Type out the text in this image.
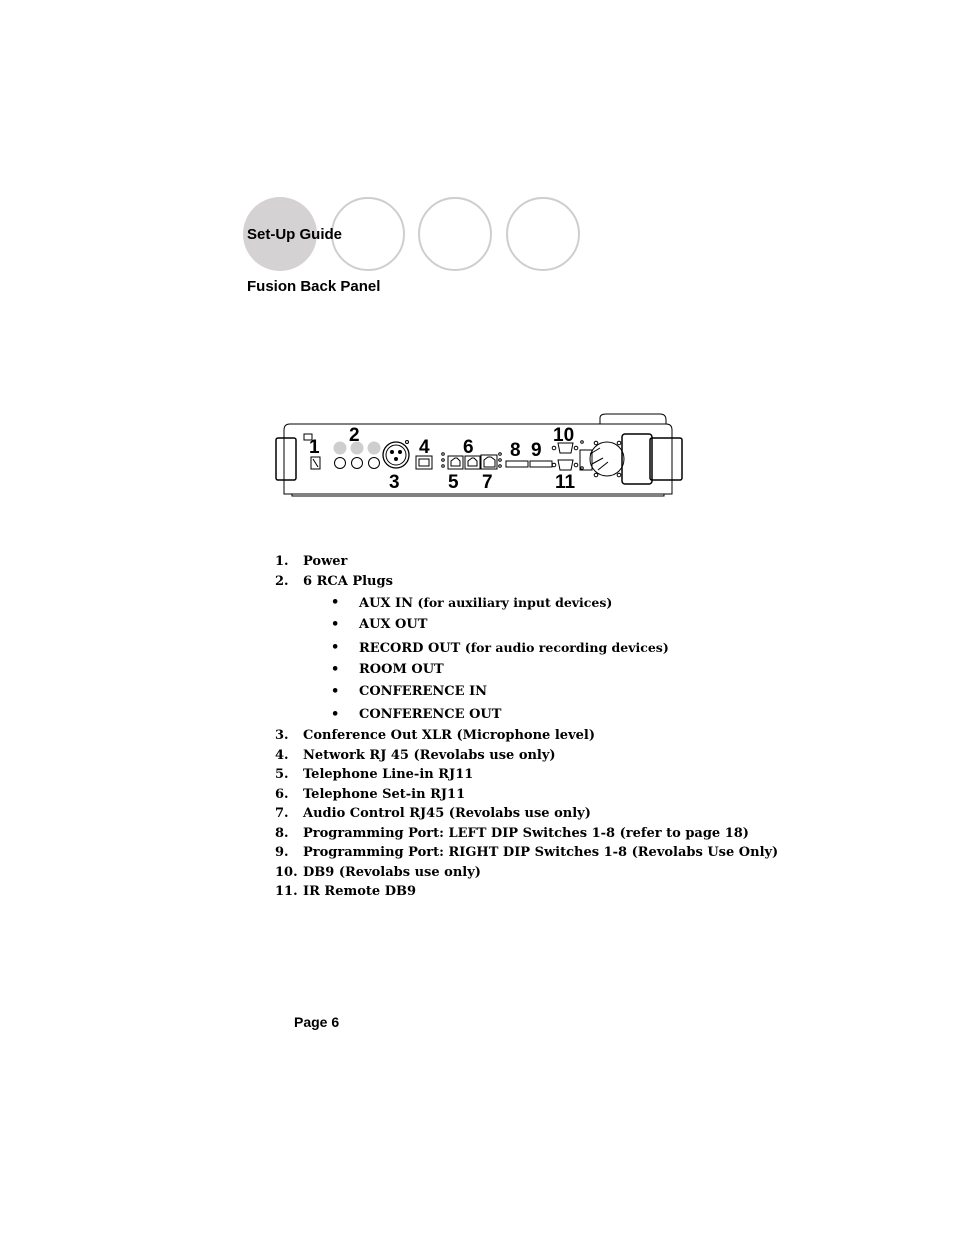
Set-Up Guide
Fusion Back Panel
1
2
3
4
5
6
7
8 9
10
11
1. Power
2. 6 RCA Plugs
• AUX IN (for auxiliary input devices)
• AUX OUT
• RECORD OUT (for audio recording devices)
• ROOM OUT
• CONFERENCE IN
• CONFERENCE OUT
3. Conference Out XLR (Microphone level)
4. Network RJ 45 (Revolabs use only)
5. Telephone Line-in RJ11
6. Telephone Set-in RJ11
7. Audio Control RJ45 (Revolabs use only)
8. Programming Port: LEFT DIP Switches 1-8 (refer to page 18)
9. Programming Port: RIGHT DIP Switches 1-8 (Revolabs Use Only)
10. DB9 (Revolabs use only)
11. IR Remote DB9
Page 6
